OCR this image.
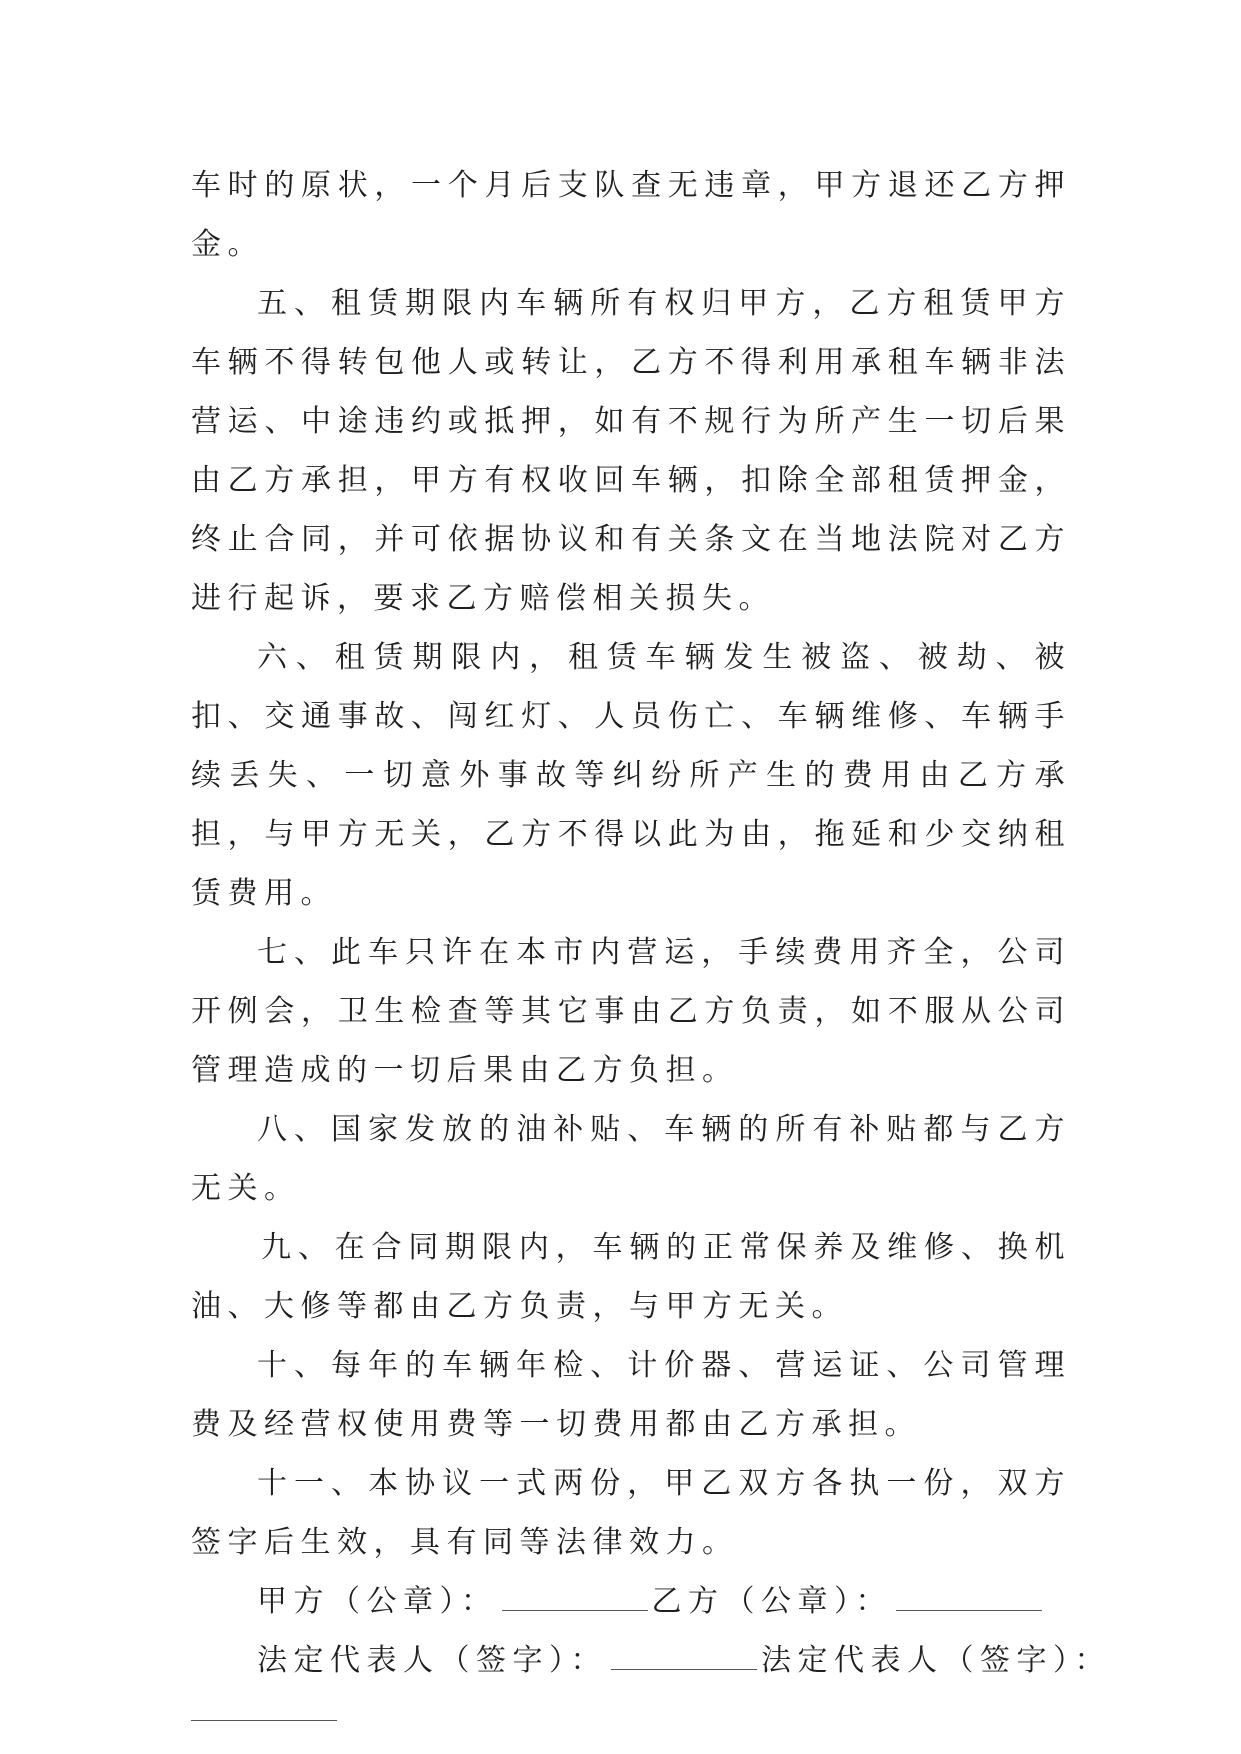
车时的原状，一个月后支队查无违章，甲方退还乙方押金。

五、租赁期限内车辆所有权归甲方，乙方租赁甲方车辆不得转包他人或转让，乙方不得利用承租车辆非法营运、中途违约或抵押，如有不规行为所产生一切后果由乙方承担，甲方有权收回车辆，扣除全部租赁押金，终止合同，并可依据协议和有关条文在当地法院对乙方进行起诉，要求乙方赔偿相关损失。

六、租赁期限内，租赁车辆发生被盗、被劫、被扣、交通事故、闯红灯、人员伤亡、车辆维修、车辆手续丢失、一切意外事故等纠纷所产生的费用由乙方承担，与甲方无关，乙方不得以此为由，拖延和少交纳租赁费用。

七、此车只许在本市内营运，手续费用齐全，公司开例会，卫生检查等其它事由乙方负责，如不服从公司管理造成的一切后果由乙方负担。

八、国家发放的油补贴、车辆的所有补贴都与乙方无关。

九、在合同期限内，车辆的正常保养及维修、换机油、大修等都由乙方负责，与甲方无关。

十、每年的车辆年检、计价器、营运证、公司管理费及经营权使用费等一切费用都由乙方承担。

十一、本协议一式两份，甲乙双方各执一份，双方签字后生效，具有同等法律效力。

甲方（公章）：	乙方（公章）：

法定代表人（签字）：	法定代表人（签字）：
